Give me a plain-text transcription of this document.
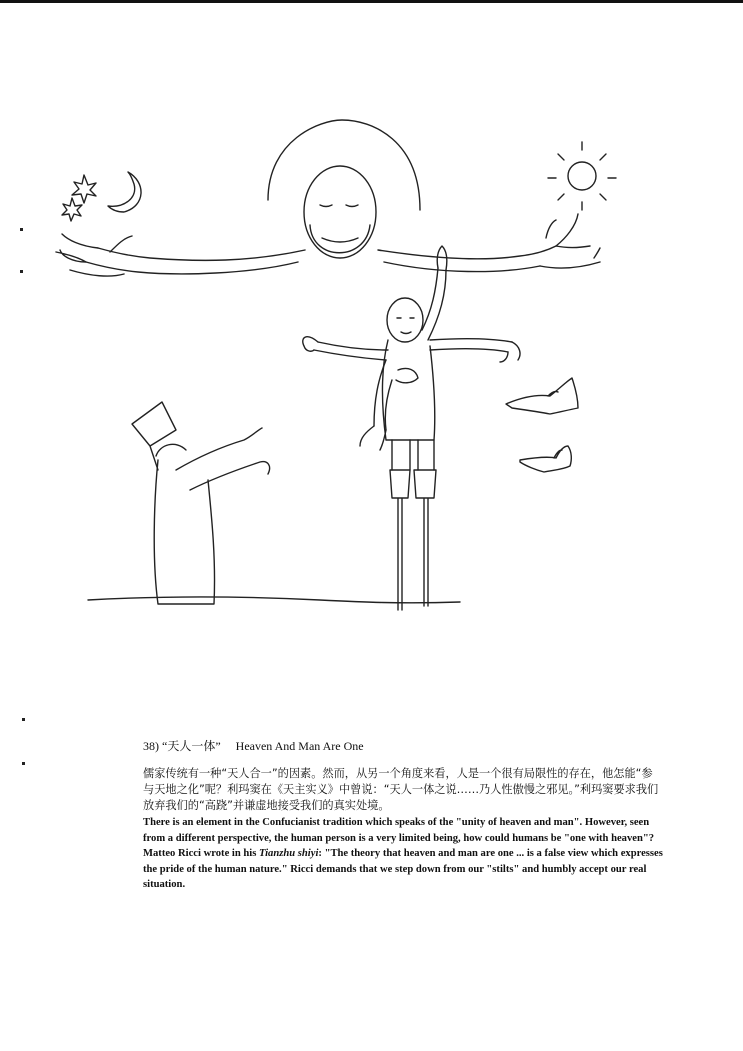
38) “天人一体” Heaven And Man Are One
儒家传统有一种“天人合一”的因素。然而，从另一个角度来看，人是一个很有局限性的存在，他怎能“参与天地之化”呢？利玛窦在《天主实义》中曾说：“天人一体之说……乃人性傲慢之邪见。”利玛窦要求我们放弃我们的“高跷”并谦虚地接受我们的真实处境。
There is an element in the Confucianist tradition which speaks of the "unity of heaven and man". However, seen from a different perspective, the human person is a very limited being, how could humans be "one with heaven"? Matteo Ricci wrote in his Tianzhu shiyi: "The theory that heaven and man are one ... is a false view which expresses the pride of the human nature." Ricci demands that we step down from our "stilts" and humbly accept our real situation.
